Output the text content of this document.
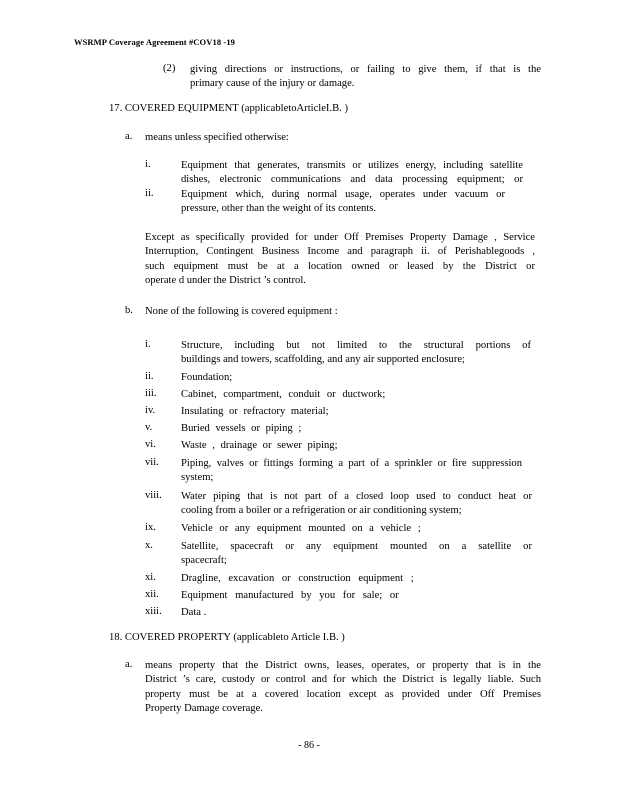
WSRMP Coverage Agreement #COV18 -19
(2) giving directions or instructions, or failing to give them, if that is the
primary cause of the injury or damage.
17. COVERED EQUIPMENT (applicabletoArticleI.B. )
a. means unless specified otherwise:
i.	Equipment that generates, transmits or utilizes energy, including satellite
dishes, electronic communications and data processing equipment; or
ii.	Equipment which, during normal usage, operates under vacuum or
pressure, other than the weight of its contents.
Except as specifically provided for under Off Premises Property Damage , Service
Interruption, Contingent Business Income and paragraph ii. of Perishablegoods ,
such equipment must be at a location owned or leased by the District or
operate d under the District ’s control.
b. None of the following is covered equipment :
i.	Structure, including but not limited to the structural portions of
buildings and towers, scaffolding, and any air supported enclosure;
ii.	Foundation;
iii. Cabinet, compartment, conduit or ductwork;
iv. Insulating or refractory material;
v.	Buried vessels or piping ;
vi. Waste , drainage or sewer piping;
vii. Piping, valves or fittings forming a part of a sprinkler or fire suppression
system;
viii. Water piping that is not part of a closed loop used to conduct heat or
cooling from a boiler or a refrigeration or air conditioning system;
ix. Vehicle or any equipment mounted on a vehicle ;
x.	Satellite, spacecraft or any equipment mounted on a satellite or
spacecraft;
xi. Dragline, excavation or construction equipment ;
xii. Equipment manufactured by you for sale; or
xiii. Data .
18. COVERED PROPERTY (applicableto Article I.B. )
a. means property that the District owns, leases, operates, or property that is in the
District ’s care, custody or control and for which the District is legally liable. Such
property must be at a covered location except as provided under Off Premises
Property Damage coverage.
- 86 -
